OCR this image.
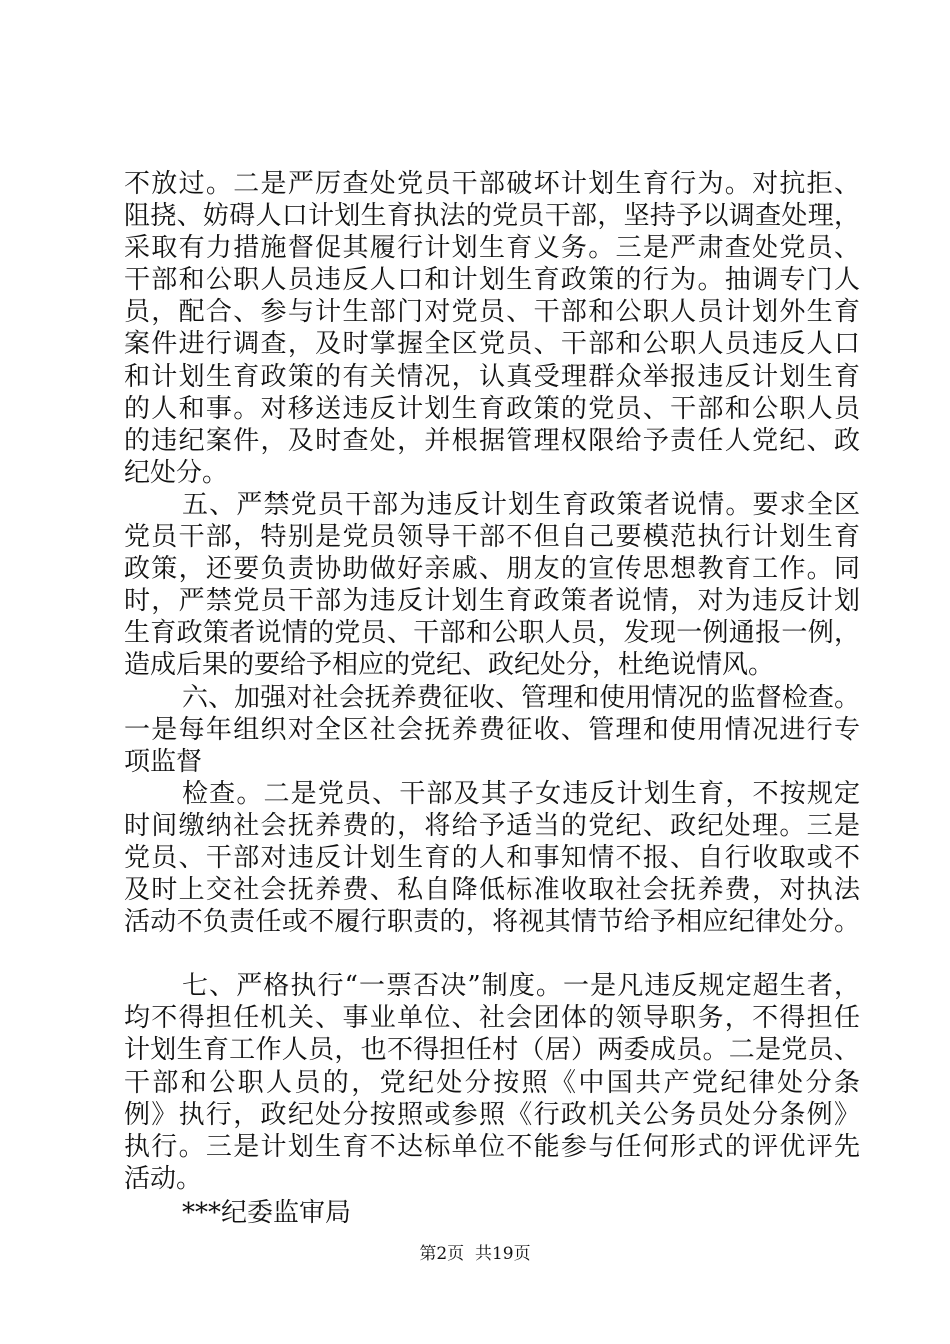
不放过。二是严厉查处党员干部破坏计划生育行为。对抗拒、
阻挠、妨碍人口计划生育执法的党员干部，坚持予以调查处理，
采取有力措施督促其履行计划生育义务。三是严肃查处党员、
干部和公职人员违反人口和计划生育政策的行为。抽调专门人
员，配合、参与计生部门对党员、干部和公职人员计划外生育
案件进行调查，及时掌握全区党员、干部和公职人员违反人口
和计划生育政策的有关情况，认真受理群众举报违反计划生育
的人和事。对移送违反计划生育政策的党员、干部和公职人员
的违纪案件，及时查处，并根据管理权限给予责任人党纪、政
纪处分。
五、严禁党员干部为违反计划生育政策者说情。要求全区
党员干部，特别是党员领导干部不但自己要模范执行计划生育
政策，还要负责协助做好亲戚、朋友的宣传思想教育工作。同
时，严禁党员干部为违反计划生育政策者说情，对为违反计划
生育政策者说情的党员、干部和公职人员，发现一例通报一例，
造成后果的要给予相应的党纪、政纪处分，杜绝说情风。
六、加强对社会抚养费征收、管理和使用情况的监督检查。
一是每年组织对全区社会抚养费征收、管理和使用情况进行专
项监督
检查。二是党员、干部及其子女违反计划生育，不按规定
时间缴纳社会抚养费的，将给予适当的党纪、政纪处理。三是
党员、干部对违反计划生育的人和事知情不报、自行收取或不
及时上交社会抚养费、私自降低标准收取社会抚养费，对执法
活动不负责任或不履行职责的，将视其情节给予相应纪律处分。
七、严格执行“一票否决”制度。一是凡违反规定超生者，
均不得担任机关、事业单位、社会团体的领导职务，不得担任
计划生育工作人员，也不得担任村（居）两委成员。二是党员、
干部和公职人员的，党纪处分按照《中国共产党纪律处分条
例》执行，政纪处分按照或参照《行政机关公务员处分条例》
执行。三是计划生育不达标单位不能参与任何形式的评优评先
活动。
***纪委监审局
第2页  共19页
